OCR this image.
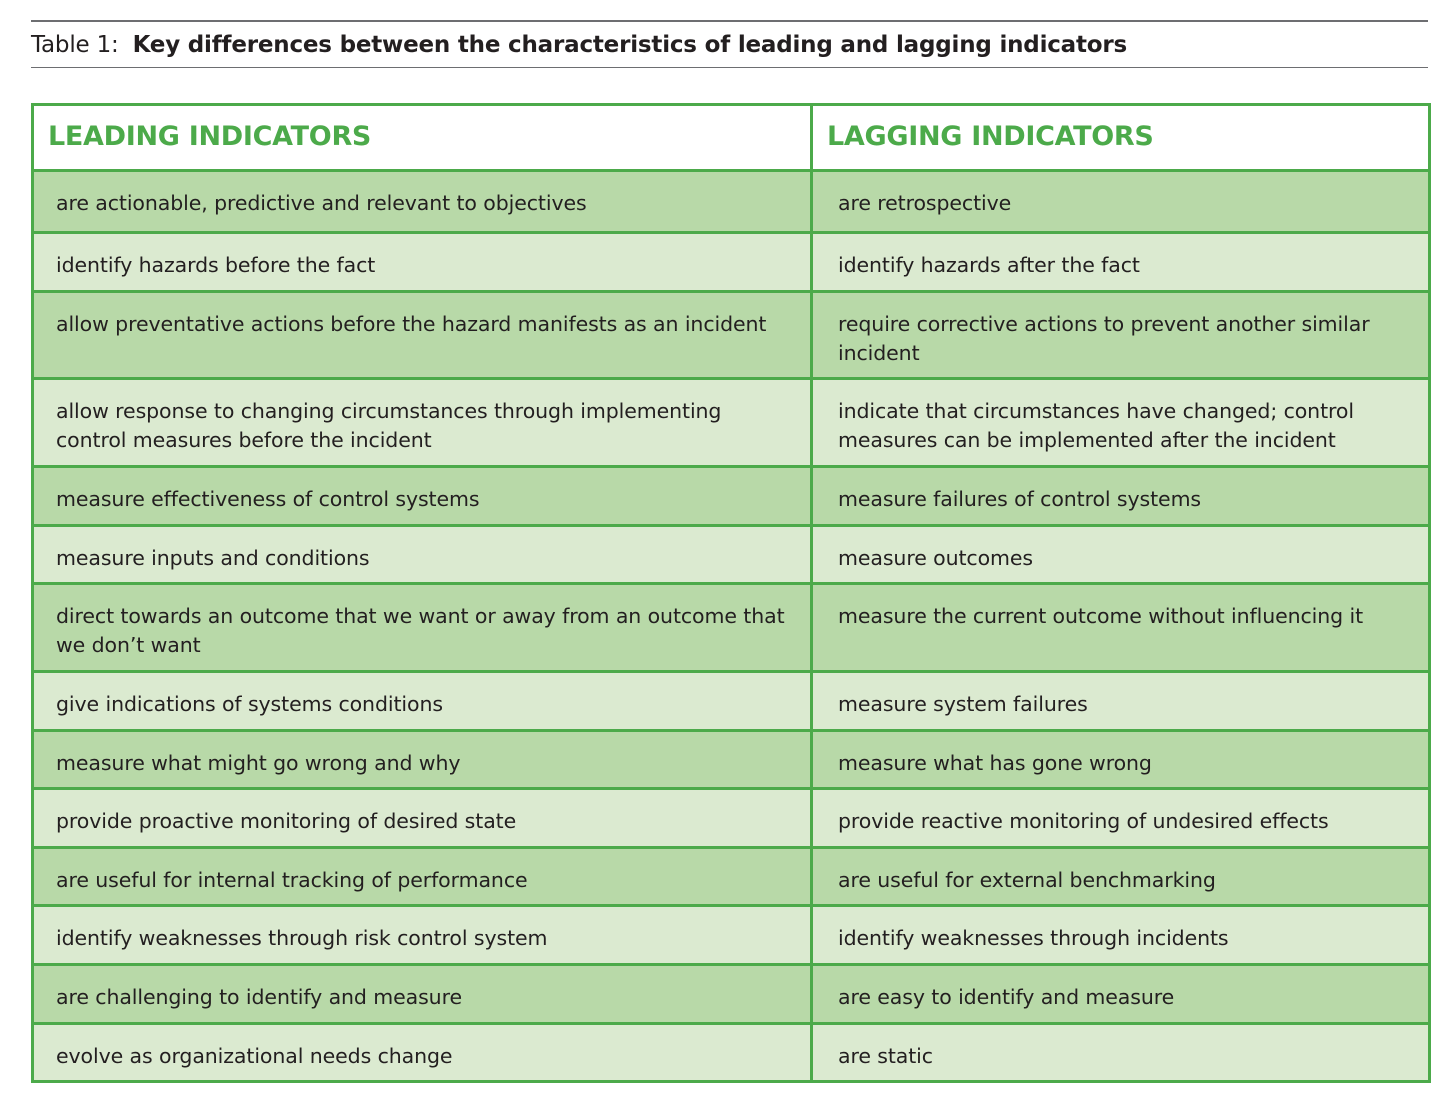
Table 1: Key differences between the characteristics of leading and lagging indicators
LEADING INDICATORS	LAGGING INDICATORS
are actionable, predictive and relevant to objectives	are retrospective
identify hazards before the fact	identify hazards after the fact
allow preventative actions before the hazard manifests as an incident	require corrective actions to prevent another similar incident
allow response to changing circumstances through implementing control measures before the incident	indicate that circumstances have changed; control measures can be implemented after the incident
measure effectiveness of control systems	measure failures of control systems
measure inputs and conditions	measure outcomes
direct towards an outcome that we want or away from an outcome that we don’t want	measure the current outcome without influencing it
give indications of systems conditions	measure system failures
measure what might go wrong and why	measure what has gone wrong
provide proactive monitoring of desired state	provide reactive monitoring of undesired effects
are useful for internal tracking of performance	are useful for external benchmarking
identify weaknesses through risk control system	identify weaknesses through incidents
are challenging to identify and measure	are easy to identify and measure
evolve as organizational needs change	are static
